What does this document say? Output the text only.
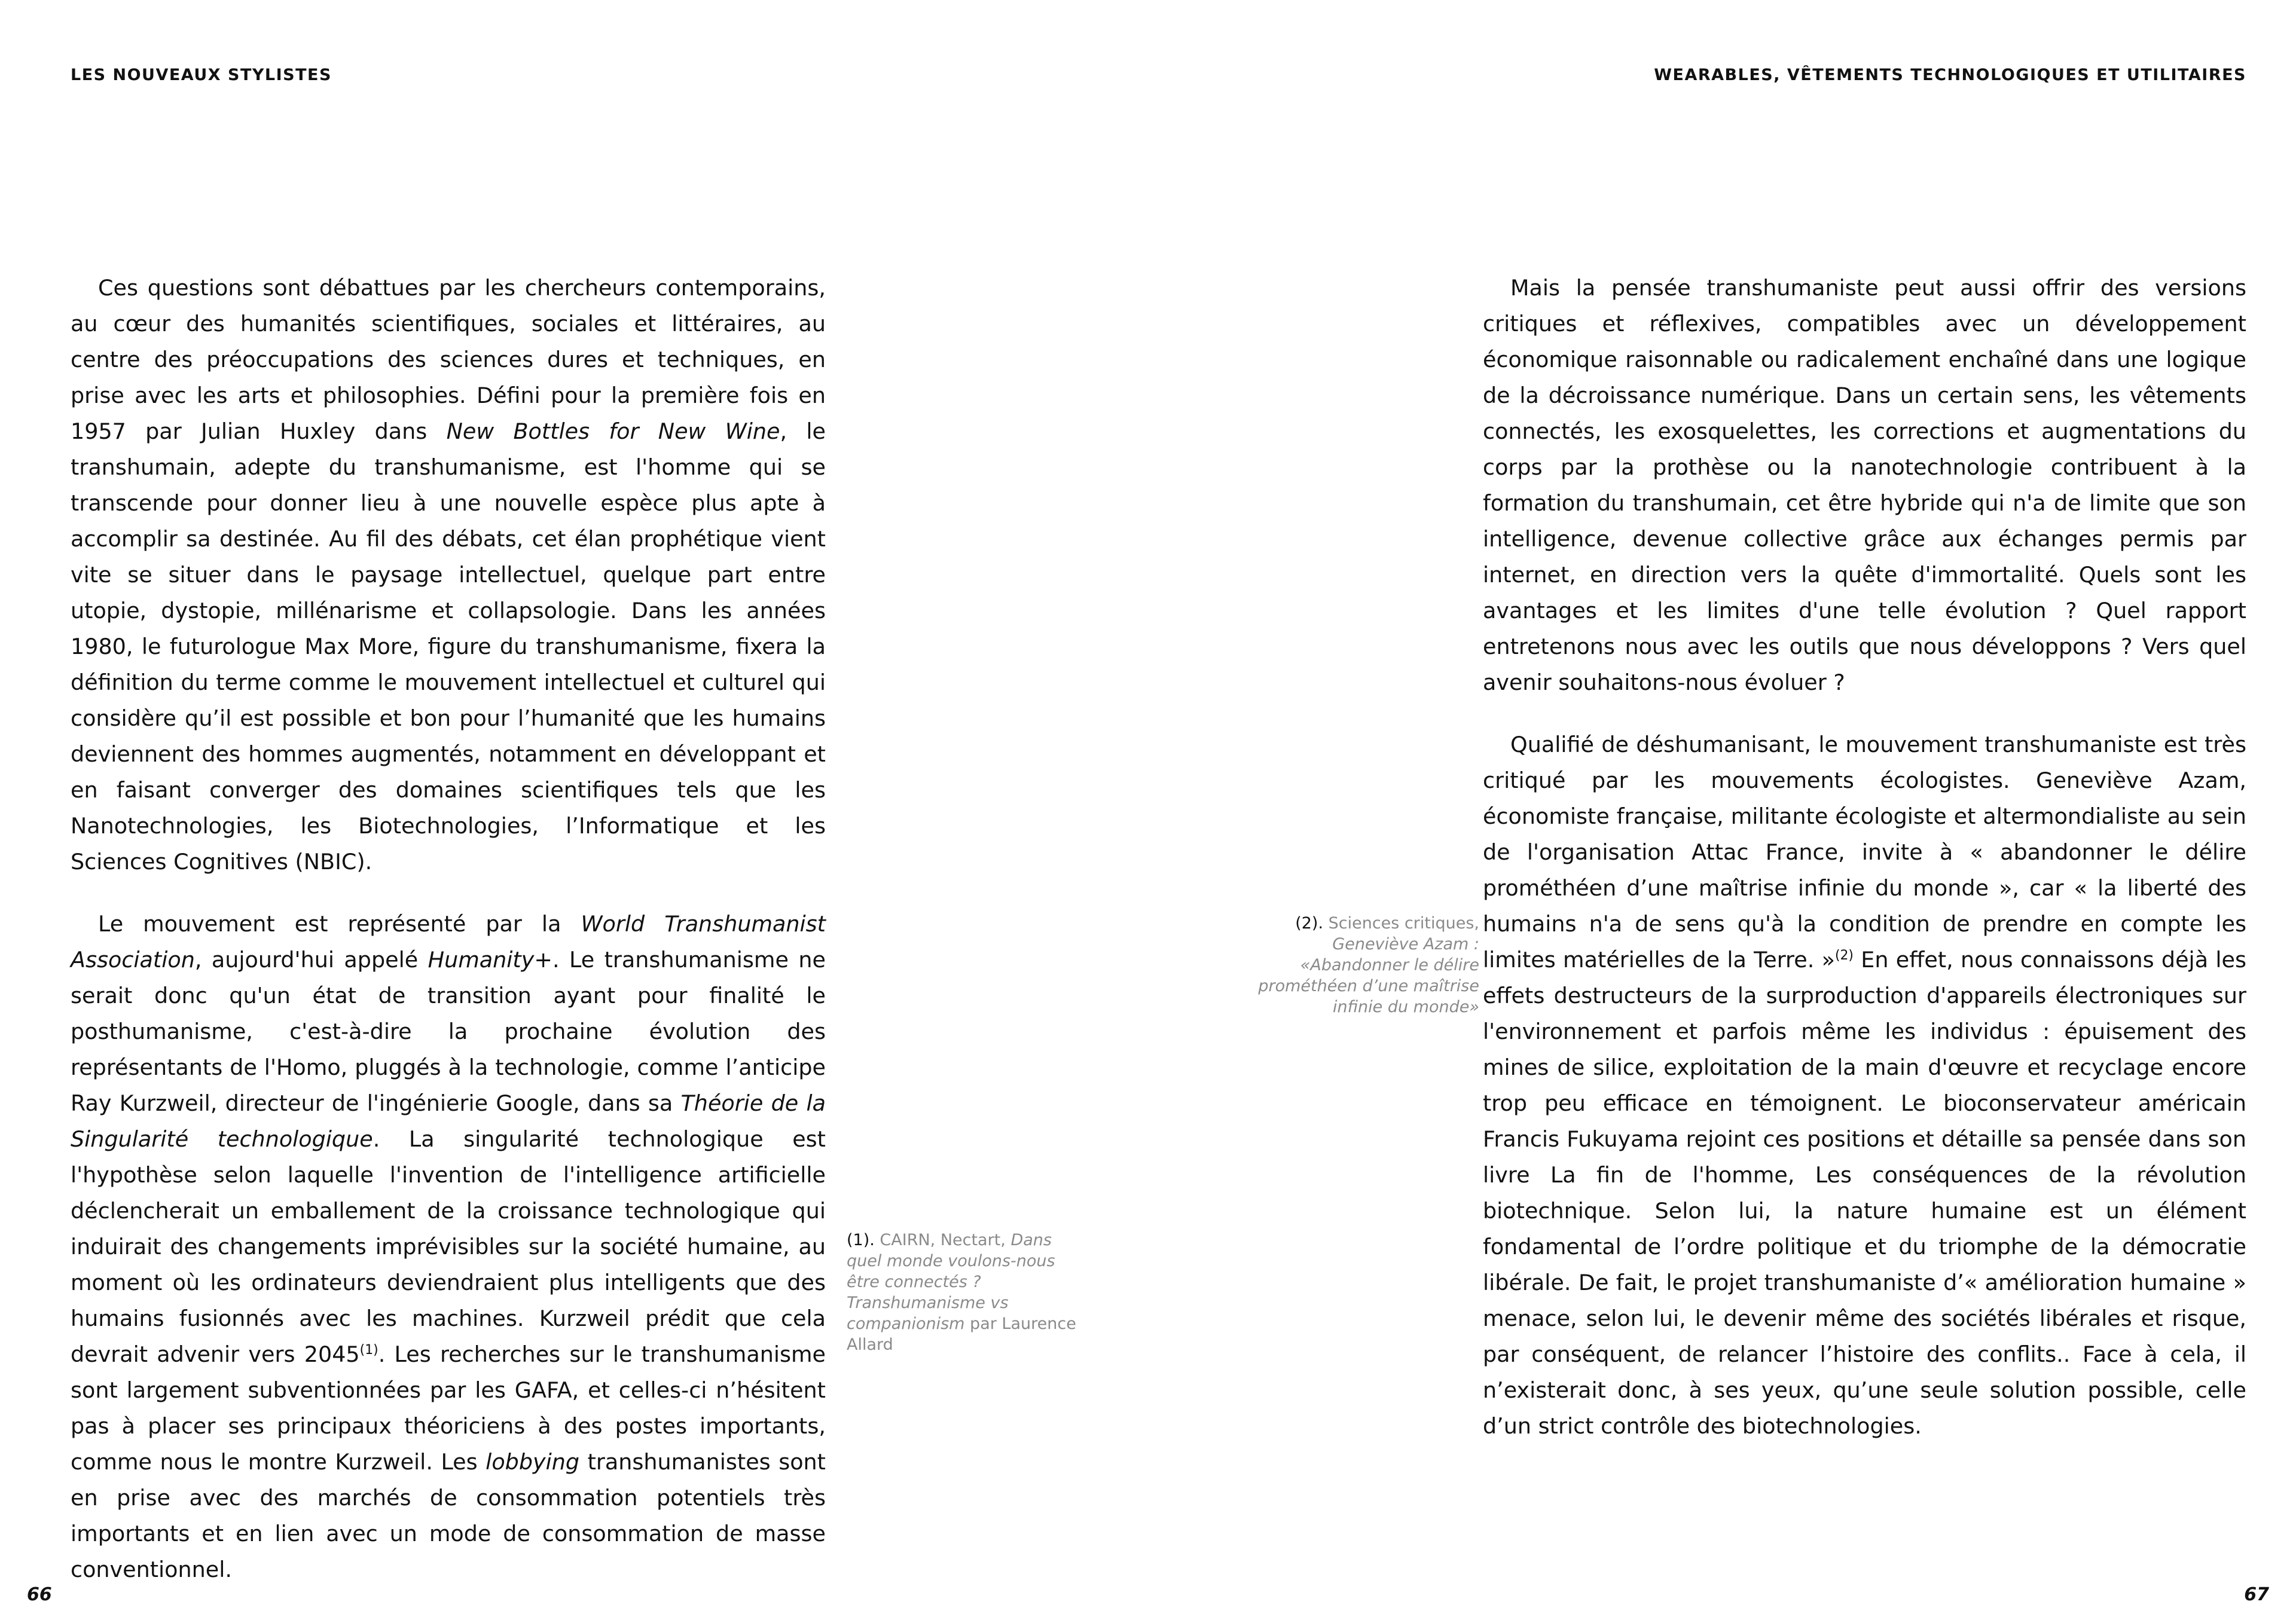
LES NOUVEAUX STYLISTES

Ces questions sont débattues par les chercheurs contemporains, au cœur des humanités scientifiques, sociales et littéraires, au centre des préoccupations des sciences dures et techniques, en prise avec les arts et philosophies. Défini pour la première fois en 1957 par Julian Huxley dans New Bottles for New Wine, le transhumain, adepte du transhumanisme, est l'homme qui se transcende pour donner lieu à une nouvelle espèce plus apte à accomplir sa destinée. Au fil des débats, cet élan prophétique vient vite se situer dans le paysage intellectuel, quelque part entre utopie, dystopie, millénarisme et collapsologie. Dans les années 1980, le futurologue Max More, figure du transhumanisme, fixera la définition du terme comme le mouvement intellectuel et culturel qui considère qu’il est possible et bon pour l’humanité que les humains deviennent des hommes augmentés, notamment en développant et en faisant converger des domaines scientifiques tels que les Nanotechnologies, les Biotechnologies, l’Informatique et les Sciences Cognitives (NBIC).

Le mouvement est représenté par la World Transhumanist Association, aujourd'hui appelé Humanity+. Le transhumanisme ne serait donc qu'un état de transition ayant pour finalité le posthumanisme, c'est-à-dire la prochaine évolution des représentants de l'Homo, pluggés à la technologie, comme l’anticipe Ray Kurzweil, directeur de l'ingénierie Google, dans sa Théorie de la Singularité technologique. La singularité technologique est l'hypothèse selon laquelle l'invention de l'intelligence artificielle déclencherait un emballement de la croissance technologique qui induirait des changements imprévisibles sur la société humaine, au moment où les ordinateurs deviendraient plus intelligents que des humains fusionnés avec les machines. Kurzweil prédit que cela devrait advenir vers 2045$^{(1)}$. Les recherches sur le transhumanisme sont largement subventionnées par les GAFA, et celles-ci n’hésitent pas à placer ses principaux théoriciens à des postes importants, comme nous le montre Kurzweil. Les lobbying transhumanistes sont en prise avec des marchés de consommation potentiels très importants et en lien avec un mode de consommation de masse conventionnel.

(1). CAIRN, Nectart, Dans quel monde voulons-nous être connectés ? Transhumanisme vs companionism par Laurence Allard
66
WEARABLES, VÊTEMENTS TECHNOLOGIQUES ET UTILITAIRES
(2). Sciences critiques, Geneviève Azam : «Abandonner le délire prométhéen d’une maîtrise infinie du monde»

Mais la pensée transhumaniste peut aussi offrir des versions critiques et réflexives, compatibles avec un développement économique raisonnable ou radicalement enchaîné dans une logique de la décroissance numérique. Dans un certain sens, les vêtements connectés, les exosquelettes, les corrections et augmentations du corps par la prothèse ou la nanotechnologie contribuent à la formation du transhumain, cet être hybride qui n'a de limite que son intelligence, devenue collective grâce aux échanges permis par internet, en direction vers la quête d'immortalité. Quels sont les avantages et les limites d'une telle évolution ? Quel rapport entretenons nous avec les outils que nous développons ? Vers quel avenir souhaitons-nous évoluer ?

Qualifié de déshumanisant, le mouvement transhumaniste est très critiqué par les mouvements écologistes. Geneviève Azam, économiste française, militante écologiste et altermondialiste au sein de l'organisation Attac France, invite à « abandonner le délire prométhéen d’une maîtrise infinie du monde », car « la liberté des humains n'a de sens qu'à la condition de prendre en compte les limites matérielles de la Terre. »$^{(2)}$ En effet, nous connaissons déjà les effets destructeurs de la surproduction d'appareils électroniques sur l'environnement et parfois même les individus : épuisement des mines de silice, exploitation de la main d'œuvre et recyclage encore trop peu efficace en témoignent. Le bioconservateur américain Francis Fukuyama rejoint ces positions et détaille sa pensée dans son livre La fin de l'homme, Les conséquences de la révolution biotechnique. Selon lui, la nature humaine est un élément fondamental de l’ordre politique et du triomphe de la démocratie libérale. De fait, le projet transhumaniste d’« amélioration humaine » menace, selon lui, le devenir même des sociétés libérales et risque, par conséquent, de relancer l’histoire des conflits.. Face à cela, il n’existerait donc, à ses yeux, qu’une seule solution possible, celle d’un strict contrôle des biotechnologies.

67
